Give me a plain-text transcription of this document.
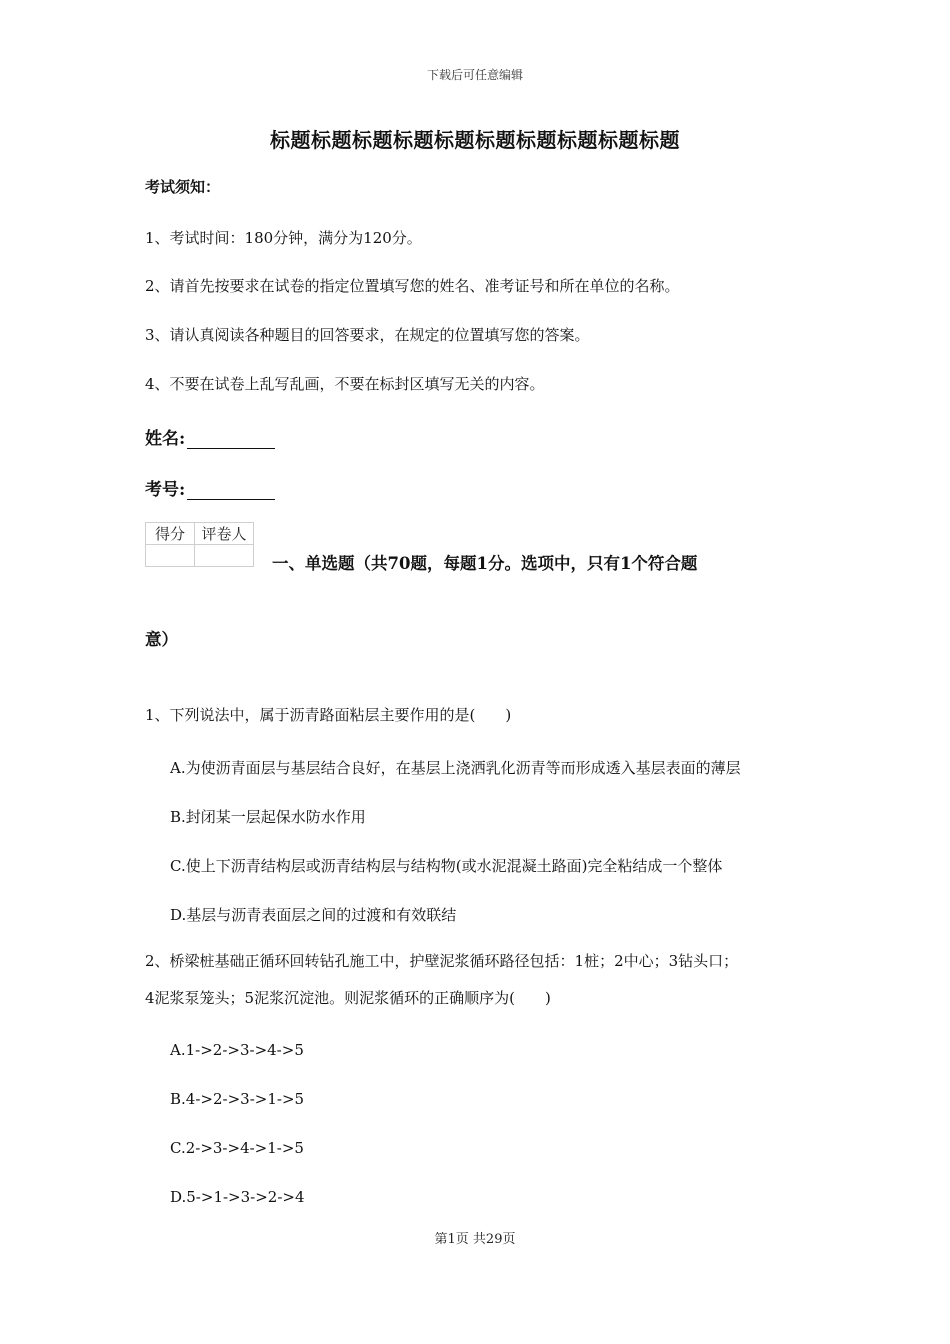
下载后可任意编辑
标题标题标题标题标题标题标题标题标题标题
考试须知：
1、考试时间：180分钟，满分为120分。
2、请首先按要求在试卷的指定位置填写您的姓名、准考证号和所在单位的名称。
3、请认真阅读各种题目的回答要求，在规定的位置填写您的答案。
4、不要在试卷上乱写乱画，不要在标封区填写无关的内容。
姓名:
考号:
得分	评卷人

一、单选题（共70题，每题1分。选项中，只有1个符合题
意）
1、下列说法中，属于沥青路面粘层主要作用的是(　　)
A.为使沥青面层与基层结合良好，在基层上浇洒乳化沥青等而形成透入基层表面的薄层
B.封闭某一层起保水防水作用
C.使上下沥青结构层或沥青结构层与结构物(或水泥混凝土路面)完全粘结成一个整体
D.基层与沥青表面层之间的过渡和有效联结
2、桥梁桩基础正循环回转钻孔施工中，护壁泥浆循环路径包括：1桩；2中心；3钻头口；
4泥浆泵笼头；5泥浆沉淀池。则泥浆循环的正确顺序为(　　)
A.1->2->3->4->5
B.4->2->3->1->5
C.2->3->4->1->5
D.5->1->3->2->4
第1页 共29页
